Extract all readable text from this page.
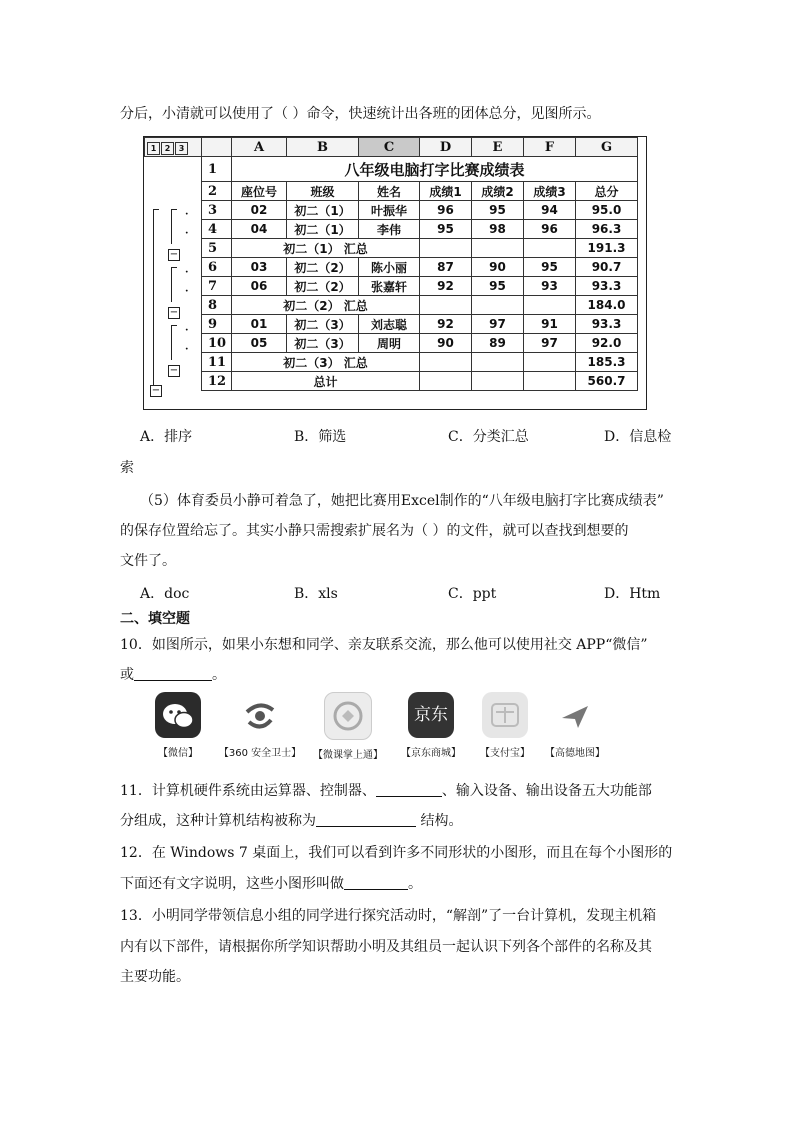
分后，小清就可以使用了（ ）命令，快速统计出各班的团体总分，见图所示。
1 2 3		A	B	C	D	E	F	G
	1	八年级电脑打字比赛成绩表						
	2	座位号	班级	姓名	成绩1	成绩2	成绩3	总分
	3	02	初二（1）	叶振华	96	95	94	95.0
	4	04	初二（1）	李伟	95	98	96	96.3
	5	初二（1） 汇总						191.3
	6	03	初二（2）	陈小丽	87	90	95	90.7
	7	06	初二（2）	张嘉轩	92	95	93	93.3
	8	初二（2） 汇总						184.0
	9	01	初二（3）	刘志聪	92	97	91	93.3
	10	05	初二（3）	周明	90	89	97	92.0
	11	初二（3） 汇总						185.3
	12	总计						560.7
·
·
·
·
·
·
−
−
−
−
A．排序	B．筛选	C．分类汇总	D．信息检
索
（5）体育委员小静可着急了，她把比赛用Excel制作的“八年级电脑打字比赛成绩表”
的保存位置给忘了。其实小静只需搜索扩展名为（ ）的文件，就可以查找到想要的
文件了。
A．doc	B．xls	C．ppt	D．Htm
二、填空题
10．如图所示，如果小东想和同学、亲友联系交流，那么他可以使用社交 APP“微信”
或	。
【微信】	【360 安全卫士】	【微课掌上通】
京东
【京东商城】	【支付宝】	【高德地图】
11．计算机硬件系统由运算器、控制器、	、输入设备、输出设备五大功能部
分组成，这种计算机结构被称为	结构。
12．在 Windows 7 桌面上，我们可以看到许多不同形状的小图形，而且在每个小图形的
下面还有文字说明，这些小图形叫做	。
13．小明同学带领信息小组的同学进行探究活动时，“解剖”了一台计算机，发现主机箱
内有以下部件，请根据你所学知识帮助小明及其组员一起认识下列各个部件的名称及其
主要功能。
